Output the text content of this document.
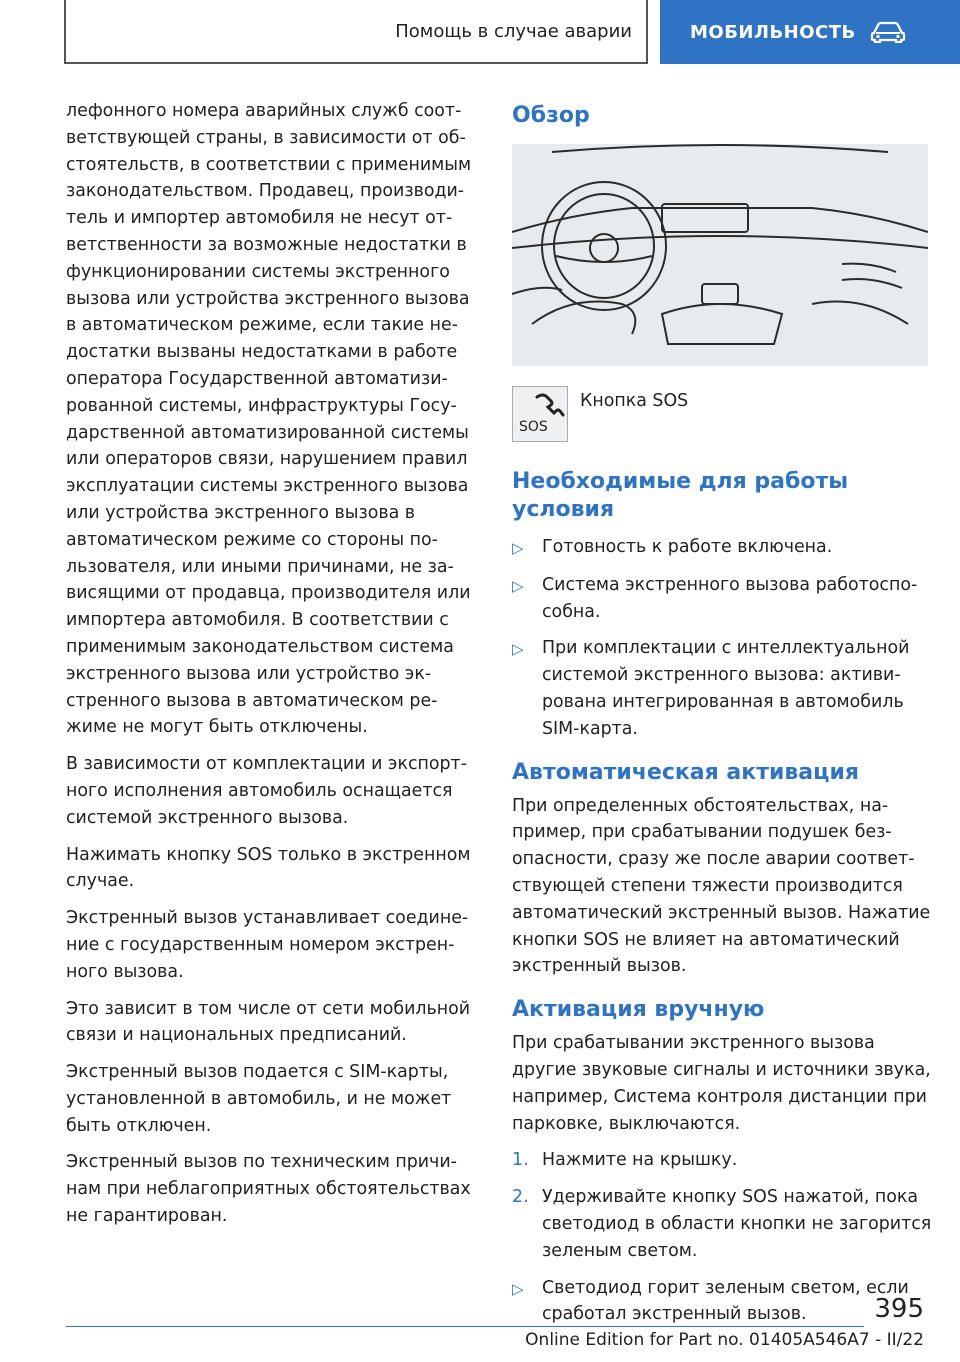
Помощь в случае аварии	МОБИЛЬНОСТЬ

лефонного номера аварийных служб соответствующей страны, в зависимости от обстоятельств, в соответствии с применимым законодательством. Продавец, производитель и импортер автомобиля не несут ответственности за возможные недостатки в функционировании системы экстренного вызова или устройства экстренного вызова в автоматическом режиме, если такие недостатки вызваны недостатками в работе оператора Государственной автоматизированной системы, инфраструктуры Государственной автоматизированной системы или операторов связи, нарушением правил эксплуатации системы экстренного вызова или устройства экстренного вызова в автоматическом режиме со стороны пользователя, или иными причинами, не зависящими от продавца, производителя или импортера автомобиля. В соответствии с применимым законодательством система экстренного вызова или устройство экстренного вызова в автоматическом режиме не могут быть отключены.

В зависимости от комплектации и экспортного исполнения автомобиль оснащается системой экстренного вызова.

Нажимать кнопку SOS только в экстренном случае.

Экстренный вызов устанавливает соединение с государственным номером экстренного вызова.

Это зависит в том числе от сети мобильной связи и национальных предписаний.

Экстренный вызов подается с SIM-карты, установленной в автомобиль, и не может быть отключен.

Экстренный вызов по техническим причинам при неблагоприятных обстоятельствах не гарантирован.

Обзор
SOS
Кнопка SOS
Необходимые для работы условия
▷	Готовность к работе включена.
▷	Система экстренного вызова работоспособна.
▷	При комплектации с интеллектуальной системой экстренного вызова: активирована интегрированная в автомобиль SIM-карта.
Автоматическая активация

При определенных обстоятельствах, например, при срабатывании подушек безопасности, сразу же после аварии соответствующей степени тяжести производится автоматический экстренный вызов. Нажатие кнопки SOS не влияет на автоматический экстренный вызов.

Активация вручную

При срабатывании экстренного вызова другие звуковые сигналы и источники звука, например, Система контроля дистанции при парковке, выключаются.

1. Нажмите на крышку.
2. Удерживайте кнопку SOS нажатой, пока светодиод в области кнопки не загорится зеленым светом.
▷	Светодиод горит зеленым светом, если сработал экстренный вызов.	395
Online Edition for Part no. 01405A546A7 - II/22
